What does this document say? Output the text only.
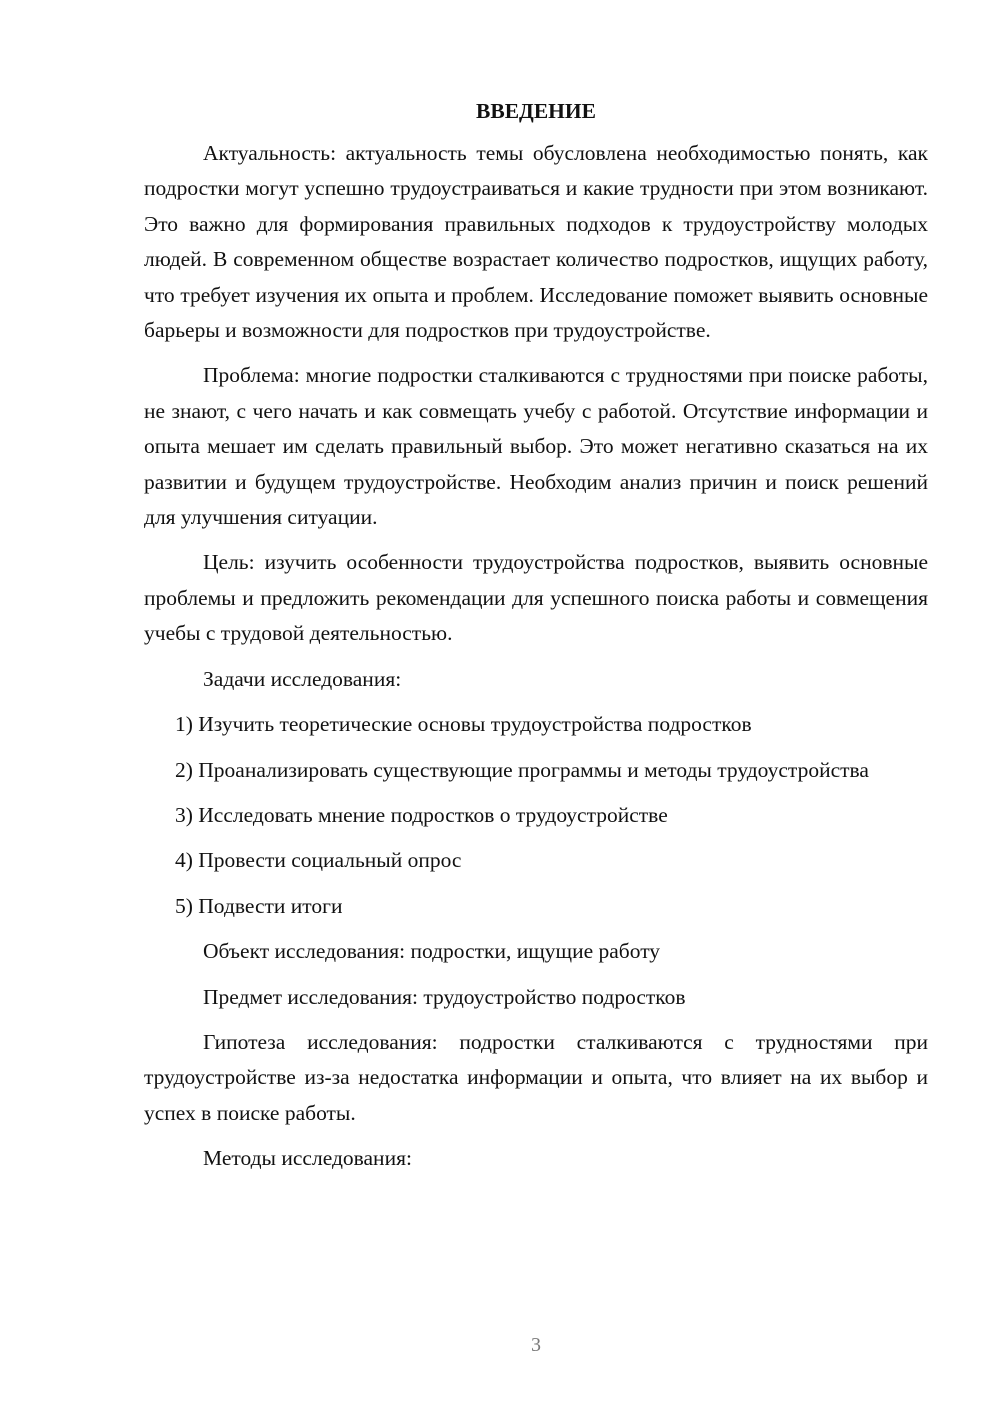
ВВЕДЕНИЕ

Актуальность: актуальность темы обусловлена необходимостью понять, как подростки могут успешно трудоустраиваться и какие трудности при этом возникают. Это важно для формирования правильных подходов к трудоустройству молодых людей. В современном обществе возрастает количество подростков, ищущих работу, что требует изучения их опыта и проблем. Исследование поможет выявить основные барьеры и возможности для подростков при трудоустройстве.

Проблема: многие подростки сталкиваются с трудностями при поиске работы, не знают, с чего начать и как совмещать учебу с работой. Отсутствие информации и опыта мешает им сделать правильный выбор. Это может негативно сказаться на их развитии и будущем трудоустройстве. Необходим анализ причин и поиск решений для улучшения ситуации.

Цель: изучить особенности трудоустройства подростков, выявить основные проблемы и предложить рекомендации для успешного поиска работы и совмещения учебы с трудовой деятельностью.

Задачи исследования:

1) Изучить теоретические основы трудоустройства подростков

2) Проанализировать существующие программы и методы трудоустройства

3) Исследовать мнение подростков о трудоустройстве

4) Провести социальный опрос

5) Подвести итоги

Объект исследования: подростки, ищущие работу

Предмет исследования: трудоустройство подростков

Гипотеза исследования: подростки сталкиваются с трудностями при трудоустройстве из-за недостатка информации и опыта, что влияет на их выбор и успех в поиске работы.

Методы исследования:

3
